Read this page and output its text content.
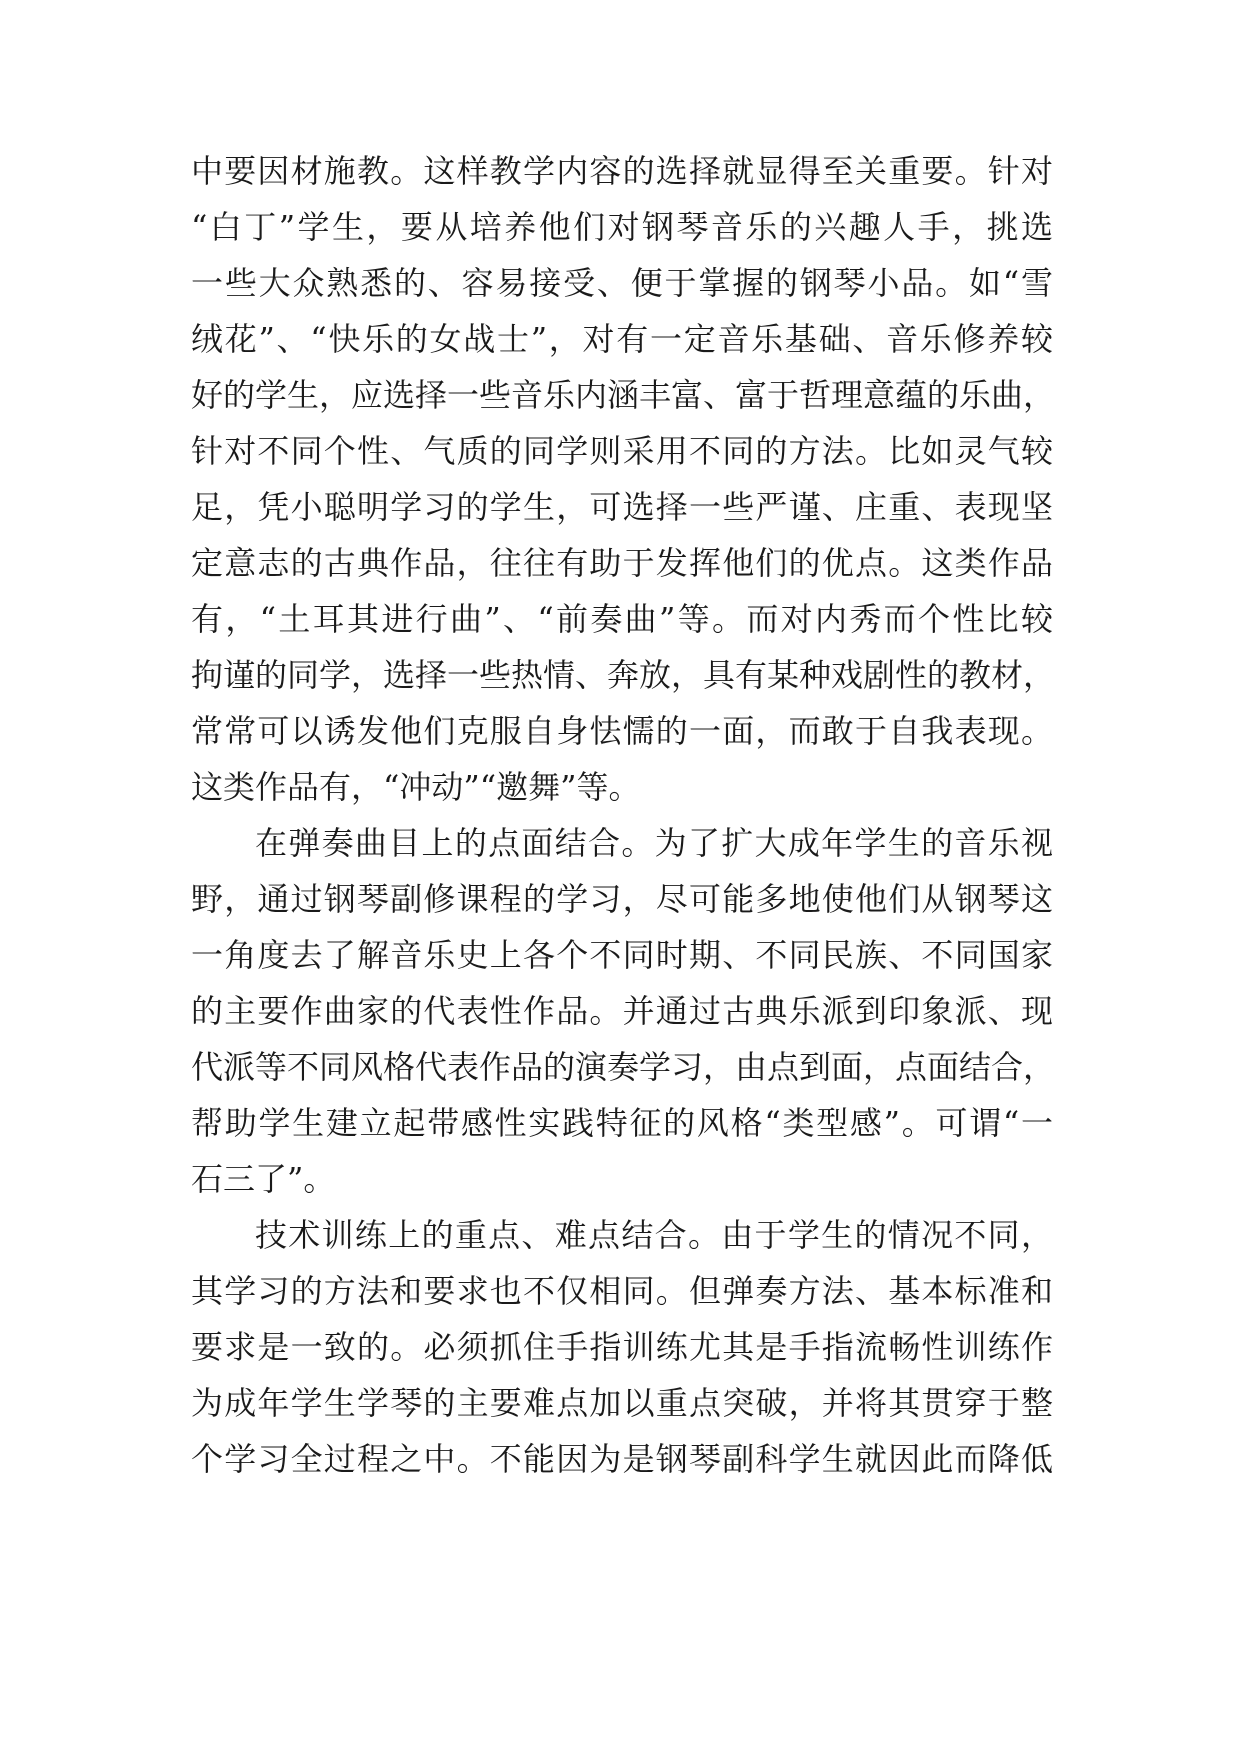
中要因材施教。这样教学内容的选择就显得至关重要。针对
“白丁”学生，要从培养他们对钢琴音乐的兴趣人手，挑选
一些大众熟悉的、容易接受、便于掌握的钢琴小品。如“雪
绒花”、“快乐的女战士”，对有一定音乐基础、音乐修养较
好的学生，应选择一些音乐内涵丰富、富于哲理意蕴的乐曲，
针对不同个性、气质的同学则采用不同的方法。比如灵气较
足，凭小聪明学习的学生，可选择一些严谨、庄重、表现坚
定意志的古典作品，往往有助于发挥他们的优点。这类作品
有，“土耳其进行曲”、“前奏曲”等。而对内秀而个性比较
拘谨的同学，选择一些热情、奔放，具有某种戏剧性的教材，
常常可以诱发他们克服自身怯懦的一面，而敢于自我表现。
这类作品有，“冲动”“邀舞”等。
在弹奏曲目上的点面结合。为了扩大成年学生的音乐视
野，通过钢琴副修课程的学习，尽可能多地使他们从钢琴这
一角度去了解音乐史上各个不同时期、不同民族、不同国家
的主要作曲家的代表性作品。并通过古典乐派到印象派、现
代派等不同风格代表作品的演奏学习，由点到面，点面结合，
帮助学生建立起带感性实践特征的风格“类型感”。可谓“一
石三了”。
技术训练上的重点、难点结合。由于学生的情况不同，
其学习的方法和要求也不仅相同。但弹奏方法、基本标准和
要求是一致的。必须抓住手指训练尤其是手指流畅性训练作
为成年学生学琴的主要难点加以重点突破，并将其贯穿于整
个学习全过程之中。不能因为是钢琴副科学生就因此而降低
